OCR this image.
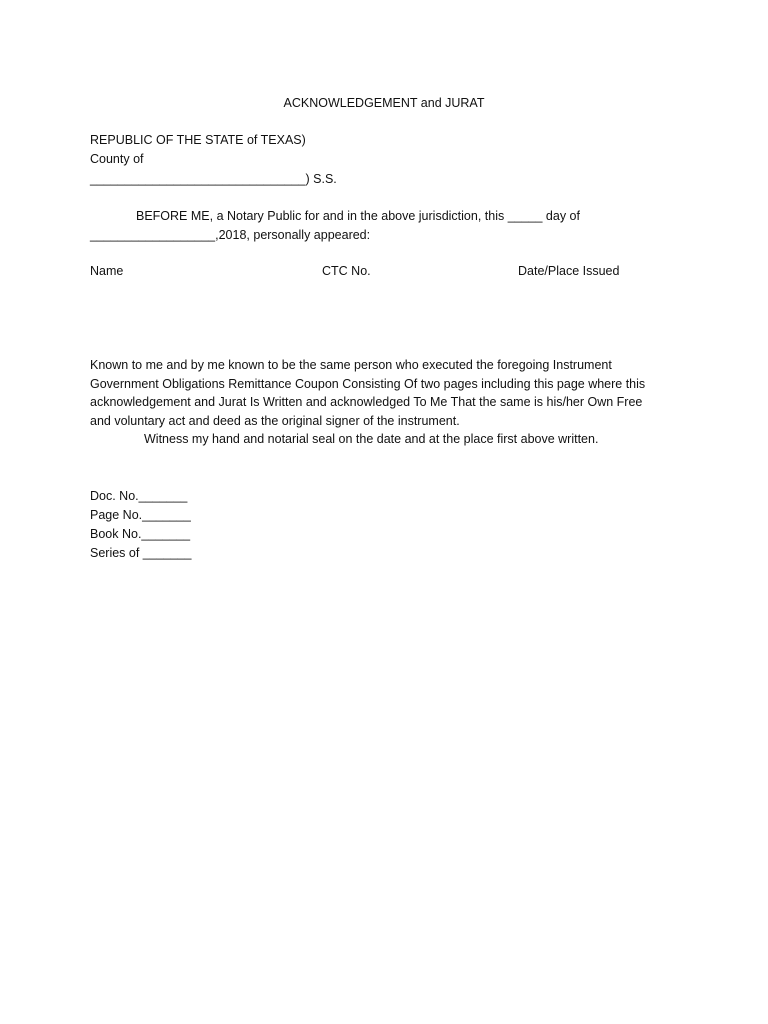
ACKNOWLEDGEMENT and JURAT
REPUBLIC OF THE STATE of TEXAS)
County of
_______________________________) S.S.
BEFORE ME, a Notary Public for and in the above jurisdiction, this _____ day of
__________________,2018, personally appeared:
Name	CTC No.	Date/Place Issued
Known to me and by me known to be the same person who executed the foregoing Instrument
Government Obligations Remittance Coupon Consisting Of two pages including this page where this
acknowledgement and Jurat Is Written and acknowledged To Me That the same is his/her Own Free
and voluntary act and deed as the original signer of the instrument.
Witness my hand and notarial seal on the date and at the place first above written.
Doc. No._______
Page No._______
Book No._______
Series of _______
